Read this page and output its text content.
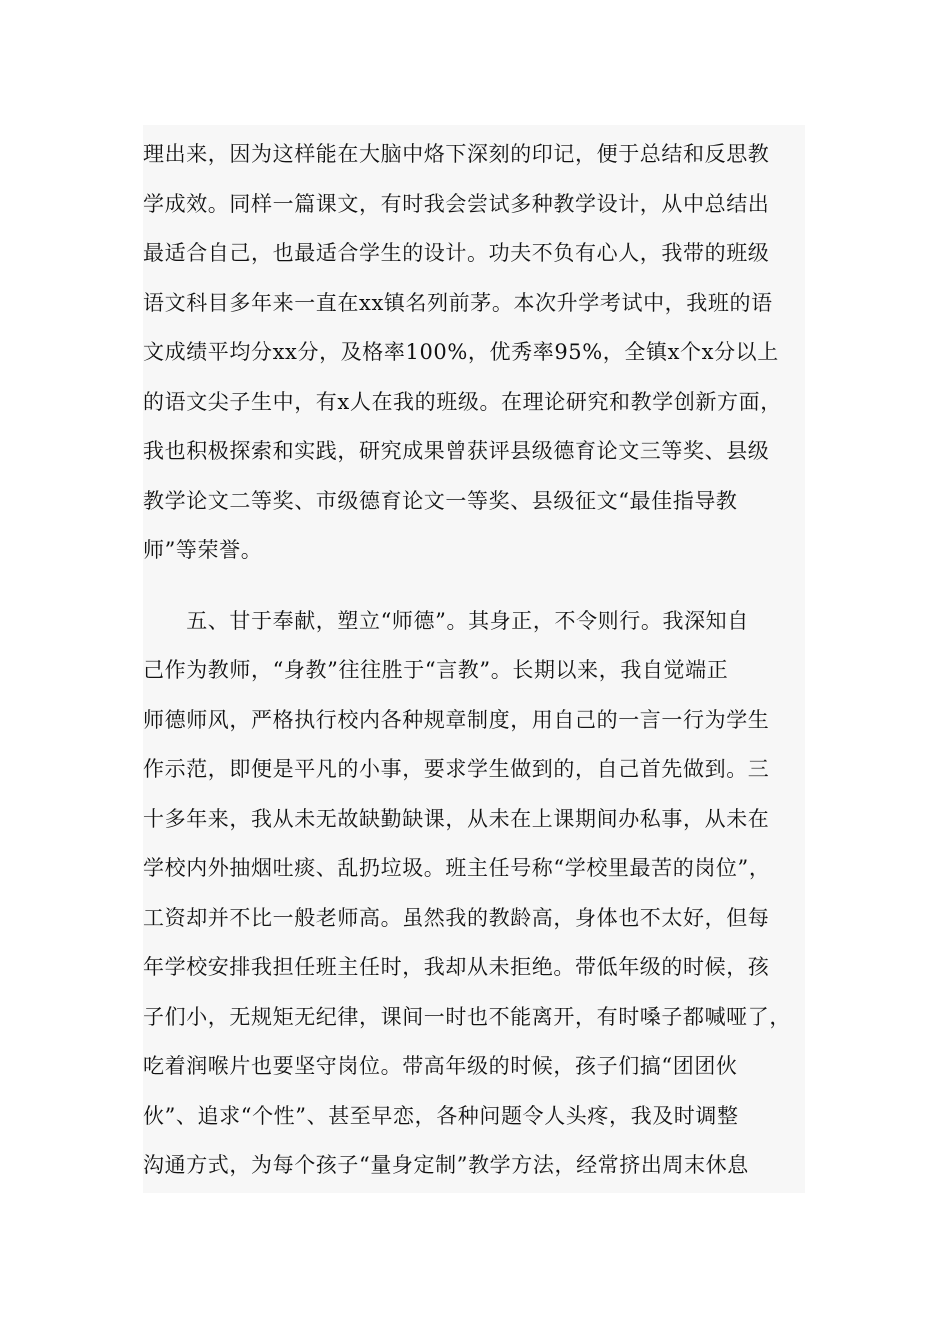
理出来，因为这样能在大脑中烙下深刻的印记，便于总结和反思教
学成效。同样一篇课文，有时我会尝试多种教学设计，从中总结出
最适合自己，也最适合学生的设计。功夫不负有心人，我带的班级
语文科目多年来一直在xx镇名列前茅。本次升学考试中，我班的语
文成绩平均分xx分，及格率100%，优秀率95%，全镇x个x分以上
的语文尖子生中，有x人在我的班级。在理论研究和教学创新方面，
我也积极探索和实践，研究成果曾获评县级德育论文三等奖、县级
教学论文二等奖、市级德育论文一等奖、县级征文“最佳指导教
师”等荣誉。
　　五、甘于奉献，塑立“师德”。其身正，不令则行。我深知自
己作为教师，“身教”往往胜于“言教”。长期以来，我自觉端正
师德师风，严格执行校内各种规章制度，用自己的一言一行为学生
作示范，即便是平凡的小事，要求学生做到的，自己首先做到。三
十多年来，我从未无故缺勤缺课，从未在上课期间办私事，从未在
学校内外抽烟吐痰、乱扔垃圾。班主任号称“学校里最苦的岗位”，
工资却并不比一般老师高。虽然我的教龄高，身体也不太好，但每
年学校安排我担任班主任时，我却从未拒绝。带低年级的时候，孩
子们小，无规矩无纪律，课间一时也不能离开，有时嗓子都喊哑了，
吃着润喉片也要坚守岗位。带高年级的时候，孩子们搞“团团伙
伙”、追求“个性”、甚至早恋，各种问题令人头疼，我及时调整
沟通方式，为每个孩子“量身定制”教学方法，经常挤出周末休息
